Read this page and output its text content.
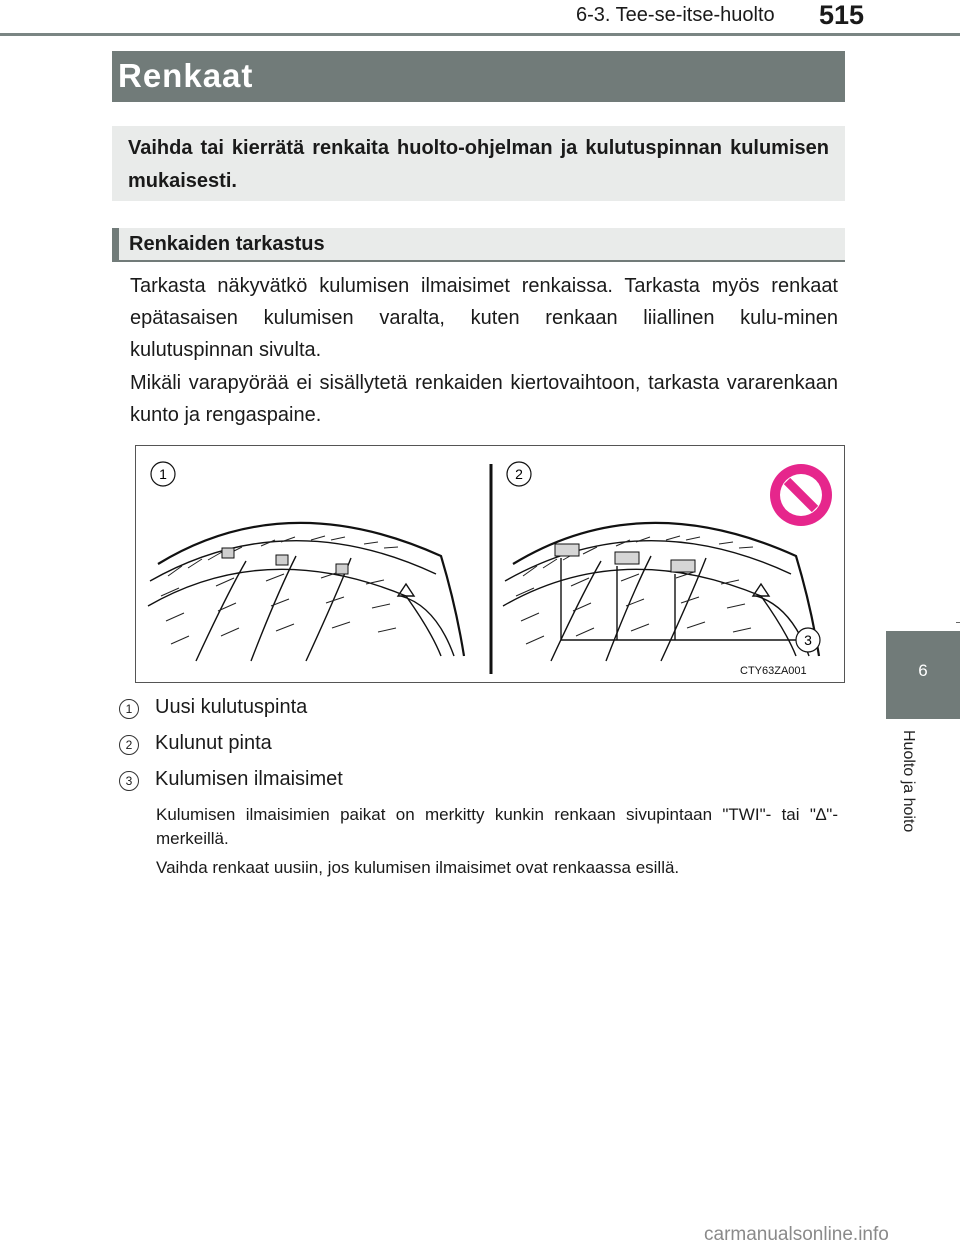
6-3. Tee-se-itse-huolto 515
6
Huolto ja hoito
Renkaat
Vaihda tai kierrätä renkaita huolto-ohjelman ja kulutuspinnan kulumisen mukaisesti.
Renkaiden tarkastus
Tarkasta näkyvätkö kulumisen ilmaisimet renkaissa. Tarkasta myös renkaat epätasaisen kulumisen varalta, kuten renkaan liiallinen kulu-minen kulutuspinnan sivulta.
Mikäli varapyörää ei sisällytetä renkaiden kiertovaihtoon, tarkasta vararenkaan kunto ja rengaspaine.
1	2
3
CTY63ZA001
1	Uusi kulutuspinta
2	Kulunut pinta
3	Kulumisen ilmaisimet
Kulumisen ilmaisimien paikat on merkitty kunkin renkaan sivupintaan "TWI"- tai "∆"-merkeillä.
Vaihda renkaat uusiin, jos kulumisen ilmaisimet ovat renkaassa esillä.
carmanualsonline.info
